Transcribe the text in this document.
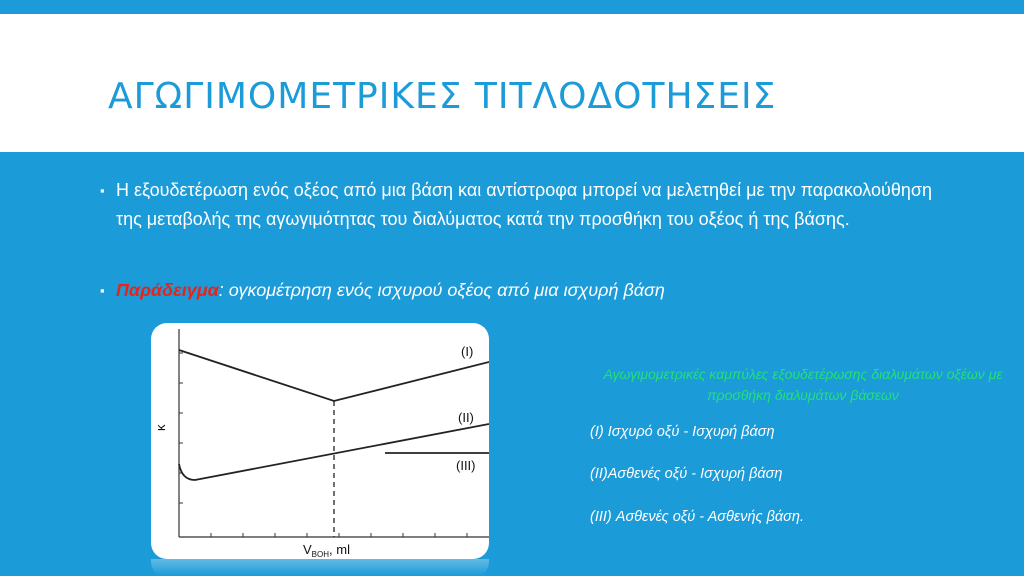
ΑΓΩΓΙΜΟΜΕΤΡΙΚΕΣ ΤΙΤΛΟΔΟΤΗΣΕΙΣ
▪ Η εξουδετέρωση ενός οξέος από μια βάση και αντίστροφα μπορεί να μελετηθεί με την παρακολούθηση της μεταβολής της αγωγιμότητας του διαλύματος κατά την προσθήκη του οξέος ή της βάσης.
▪ Παράδειγμα: ογκομέτρηση ενός ισχυρού οξέος από μια ισχυρή βάση
(I)
(II)
(III)
κ
$V_{BOH}$, ml
Αγωγιμομετρικές καμπύλες εξουδετέρωσης διαλυμάτων οξέων με προσθήκη διαλυμάτων βάσεων
(I) Ισχυρό οξύ - Ισχυρή βάση
(II)Ασθενές οξύ - Ισχυρή βάση
(III) Ασθενές οξύ - Ασθενής βάση.
